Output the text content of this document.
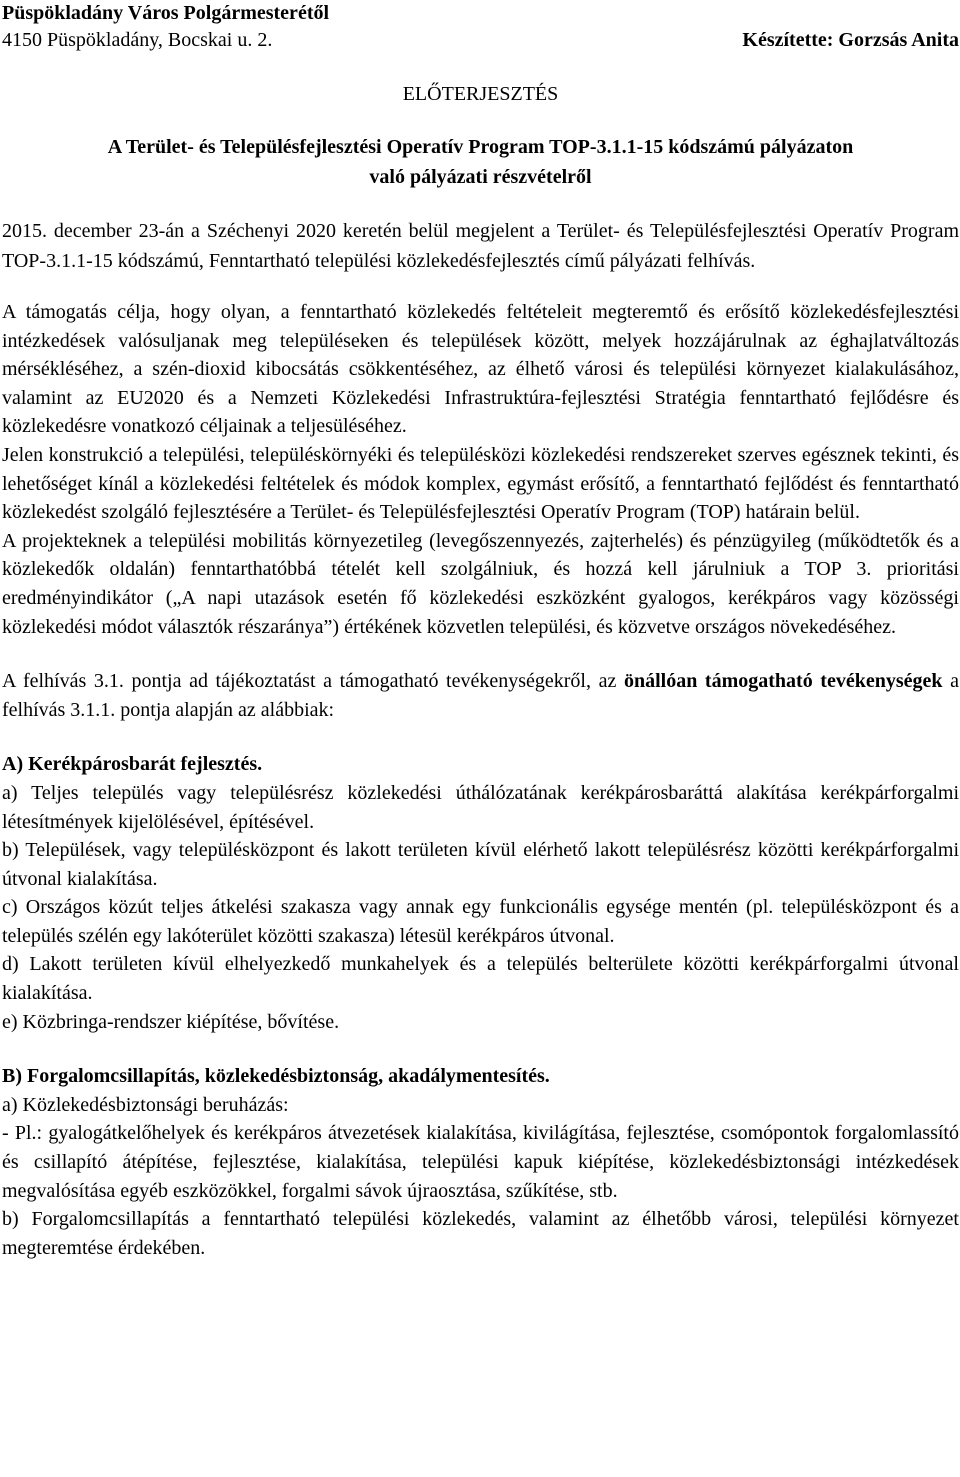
Püspökladány Város Polgármesterétől

4150 Püspökladány, Bocskai u. 2.	Készítette: Gorzsás Anita

ELŐTERJESZTÉS

A Terület- és Településfejlesztési Operatív Program TOP-3.1.1-15 kódszámú pályázaton

való pályázati részvételről

2015. december 23-án a Széchenyi 2020 keretén belül megjelent a Terület- és Településfejlesztési Operatív Program TOP-3.1.1-15 kódszámú, Fenntartható települési közlekedésfejlesztés című pályázati felhívás.

A támogatás célja, hogy olyan, a fenntartható közlekedés feltételeit megteremtő és erősítő közlekedésfejlesztési intézkedések valósuljanak meg településeken és települések között, melyek hozzájárulnak az éghajlatváltozás mérsékléséhez, a szén-dioxid kibocsátás csökkentéséhez, az élhető városi és települési környezet kialakulásához, valamint az EU2020 és a Nemzeti Közlekedési Infrastruktúra-fejlesztési Stratégia fenntartható fejlődésre és közlekedésre vonatkozó céljainak a teljesüléséhez.

Jelen konstrukció a települési, településkörnyéki és településközi közlekedési rendszereket szerves egésznek tekinti, és lehetőséget kínál a közlekedési feltételek és módok komplex, egymást erősítő, a fenntartható fejlődést és fenntartható közlekedést szolgáló fejlesztésére a Terület- és Településfejlesztési Operatív Program (TOP) határain belül.

A projekteknek a települési mobilitás környezetileg (levegőszennyezés, zajterhelés) és pénzügyileg (működtetők és a közlekedők oldalán) fenntarthatóbbá tételét kell szolgálniuk, és hozzá kell járulniuk a TOP 3. prioritási eredményindikátor („A napi utazások esetén fő közlekedési eszközként gyalogos, kerékpáros vagy közösségi közlekedési módot választók részaránya”) értékének közvetlen települési, és közvetve országos növekedéséhez.

A felhívás 3.1. pontja ad tájékoztatást a támogatható tevékenységekről, az önállóan támogatható tevékenységek a felhívás 3.1.1. pontja alapján az alábbiak:

A) Kerékpárosbarát fejlesztés.

a) Teljes település vagy településrész közlekedési úthálózatának kerékpárosbaráttá alakítása kerékpárforgalmi létesítmények kijelölésével, építésével.

b) Települések, vagy településközpont és lakott területen kívül elérhető lakott településrész közötti kerékpárforgalmi útvonal kialakítása.

c) Országos közút teljes átkelési szakasza vagy annak egy funkcionális egysége mentén (pl. településközpont és a település szélén egy lakóterület közötti szakasza) létesül kerékpáros útvonal.

d) Lakott területen kívül elhelyezkedő munkahelyek és a település belterülete közötti kerékpárforgalmi útvonal kialakítása.

e) Közbringa-rendszer kiépítése, bővítése.

B) Forgalomcsillapítás, közlekedésbiztonság, akadálymentesítés.

a) Közlekedésbiztonsági beruházás:

- Pl.: gyalogátkelőhelyek és kerékpáros átvezetések kialakítása, kivilágítása, fejlesztése, csomópontok forgalomlassító és csillapító átépítése, fejlesztése, kialakítása, települési kapuk kiépítése, közlekedésbiztonsági intézkedések megvalósítása egyéb eszközökkel, forgalmi sávok újraosztása, szűkítése, stb.

b) Forgalomcsillapítás a fenntartható települési közlekedés, valamint az élhetőbb városi, települési környezet megteremtése érdekében.
